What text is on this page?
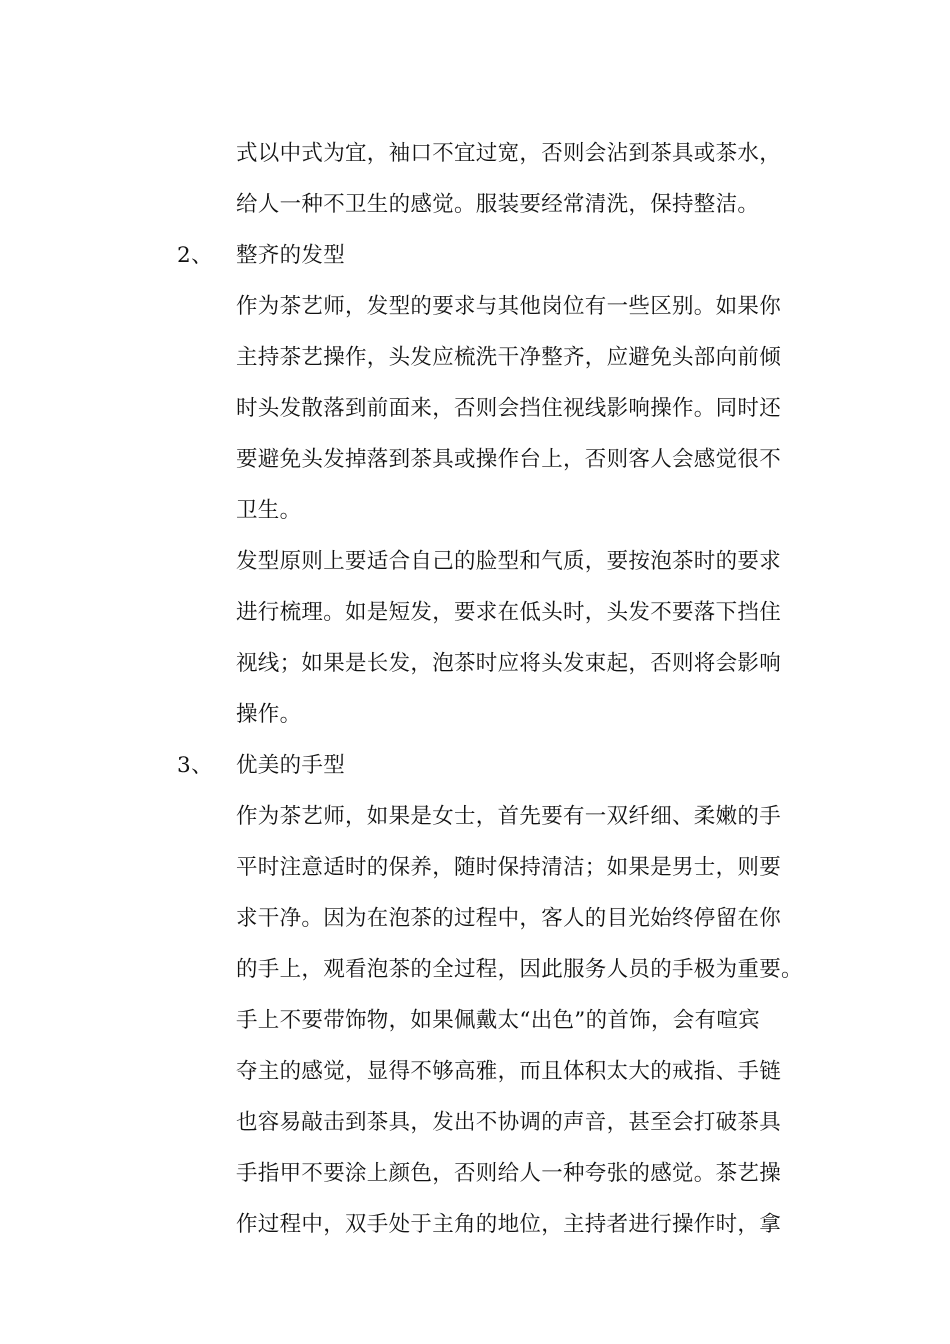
式以中式为宜，袖口不宜过宽，否则会沾到茶具或茶水，
给人一种不卫生的感觉。服装要经常清洗，保持整洁。
2、 整齐的发型
作为茶艺师，发型的要求与其他岗位有一些区别。如果你
主持茶艺操作，头发应梳洗干净整齐，应避免头部向前倾
时头发散落到前面来，否则会挡住视线影响操作。同时还
要避免头发掉落到茶具或操作台上，否则客人会感觉很不
卫生。
发型原则上要适合自己的脸型和气质，要按泡茶时的要求
进行梳理。如是短发，要求在低头时，头发不要落下挡住
视线；如果是长发，泡茶时应将头发束起，否则将会影响
操作。
3、 优美的手型
作为茶艺师，如果是女士，首先要有一双纤细、柔嫩的手
平时注意适时的保养，随时保持清洁；如果是男士，则要
求干净。因为在泡茶的过程中，客人的目光始终停留在你
的手上，观看泡茶的全过程，因此服务人员的手极为重要。
手上不要带饰物，如果佩戴太“出色”的首饰，会有喧宾
夺主的感觉，显得不够高雅，而且体积太大的戒指、手链
也容易敲击到茶具，发出不协调的声音，甚至会打破茶具
手指甲不要涂上颜色，否则给人一种夸张的感觉。茶艺操
作过程中，双手处于主角的地位，主持者进行操作时，拿
